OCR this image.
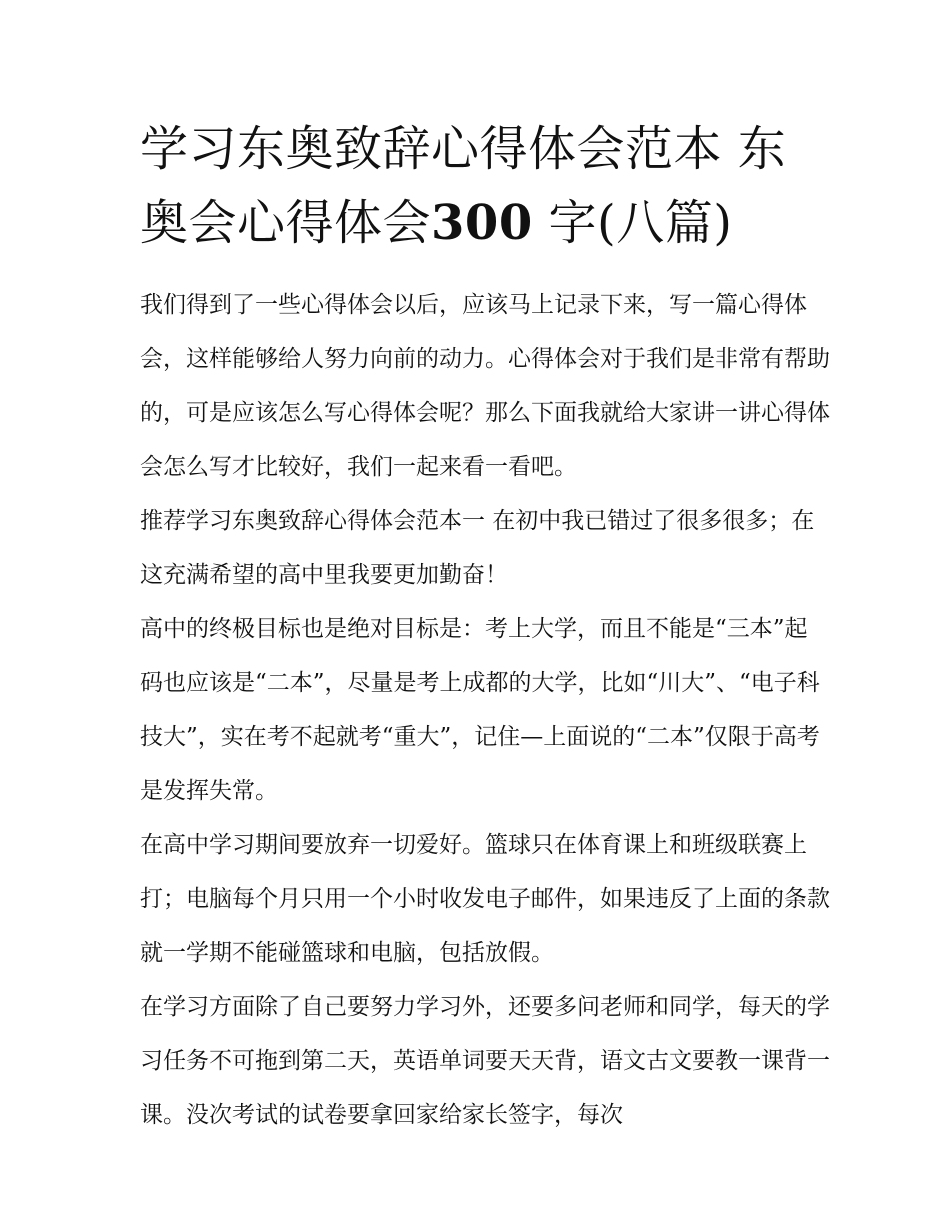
学习东奥致辞心得体会范本 东奥会心得体会300 字(八篇)

我们得到了一些心得体会以后，应该马上记录下来，写一篇心得体会，这样能够给人努力向前的动力。心得体会对于我们是非常有帮助的，可是应该怎么写心得体会呢？那么下面我就给大家讲一讲心得体会怎么写才比较好，我们一起来看一看吧。

推荐学习东奥致辞心得体会范本一 在初中我已错过了很多很多；在这充满希望的高中里我要更加勤奋！

高中的终极目标也是绝对目标是：考上大学，而且不能是“三本”起码也应该是“二本”，尽量是考上成都的大学，比如“川大”、“电子科技大”，实在考不起就考“重大”，记住—上面说的“二本”仅限于高考是发挥失常。

在高中学习期间要放弃一切爱好。篮球只在体育课上和班级联赛上打；电脑每个月只用一个小时收发电子邮件，如果违反了上面的条款就一学期不能碰篮球和电脑，包括放假。

在学习方面除了自己要努力学习外，还要多问老师和同学，每天的学习任务不可拖到第二天，英语单词要天天背，语文古文要教一课背一课。没次考试的试卷要拿回家给家长签字，每次
